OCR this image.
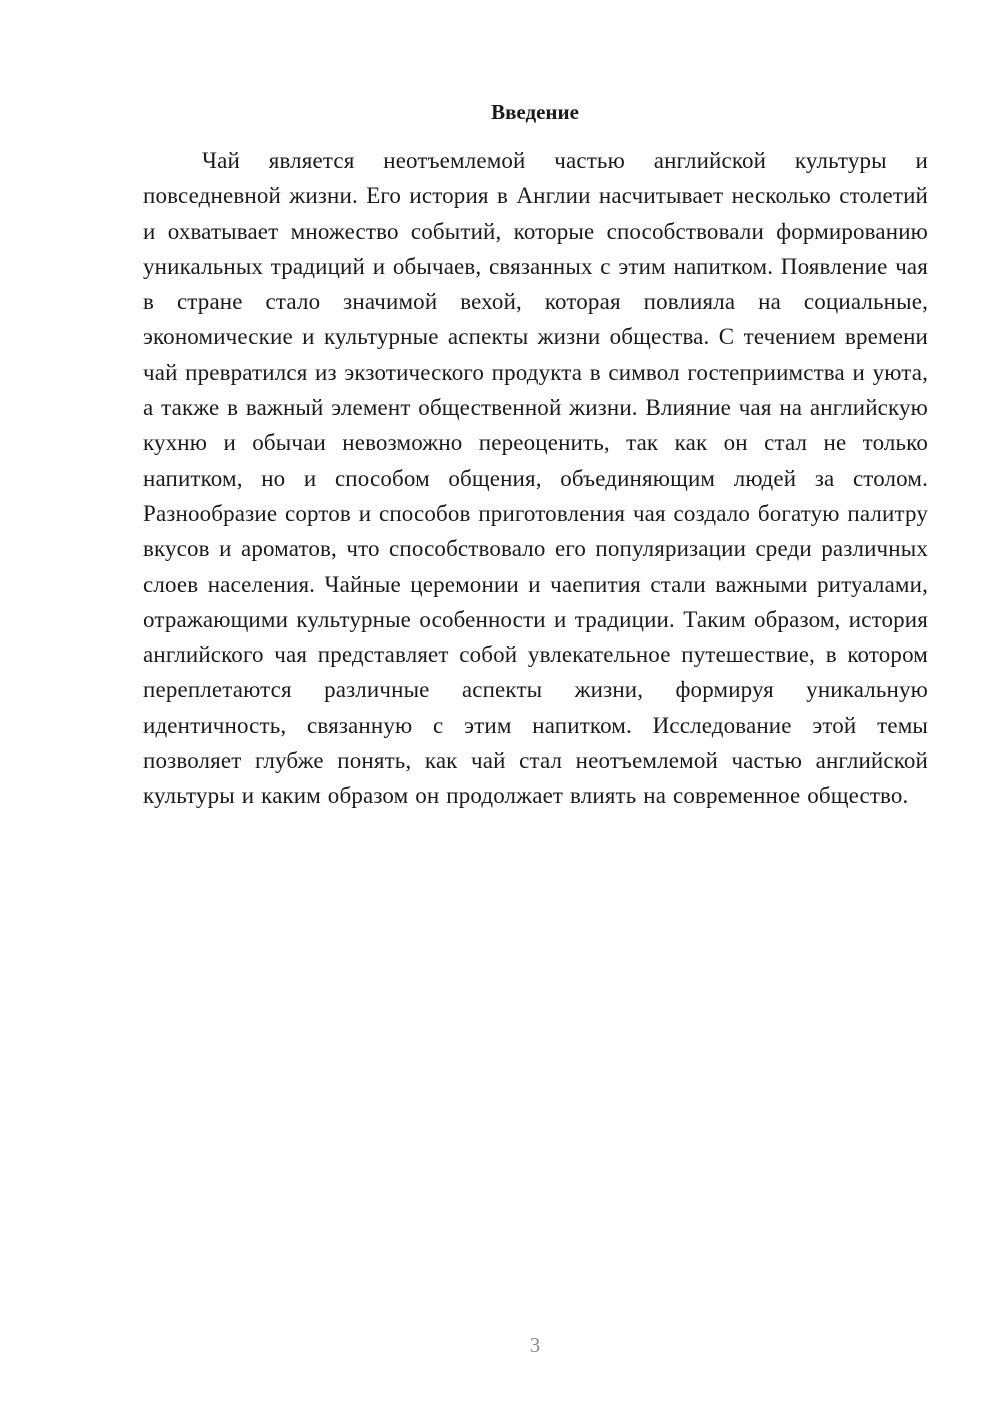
Введение

Чай является неотъемлемой частью английской культуры и повседневной жизни. Его история в Англии насчитывает несколько столетий и охватывает множество событий, которые способствовали формированию уникальных традиций и обычаев, связанных с этим напитком. Появление чая в стране стало значимой вехой, которая повлияла на социальные, экономические и культурные аспекты жизни общества. С течением времени чай превратился из экзотического продукта в символ гостеприимства и уюта, а также в важный элемент общественной жизни. Влияние чая на английскую кухню и обычаи невозможно переоценить, так как он стал не только напитком, но и способом общения, объединяющим людей за столом. Разнообразие сортов и способов приготовления чая создало богатую палитру вкусов и ароматов, что способствовало его популяризации среди различных слоев населения. Чайные церемонии и чаепития стали важными ритуалами, отражающими культурные особенности и традиции. Таким образом, история английского чая представляет собой увлекательное путешествие, в котором переплетаются различные аспекты жизни, формируя уникальную идентичность, связанную с этим напитком. Исследование этой темы позволяет глубже понять, как чай стал неотъемлемой частью английской культуры и каким образом он продолжает влиять на современное общество.

3
